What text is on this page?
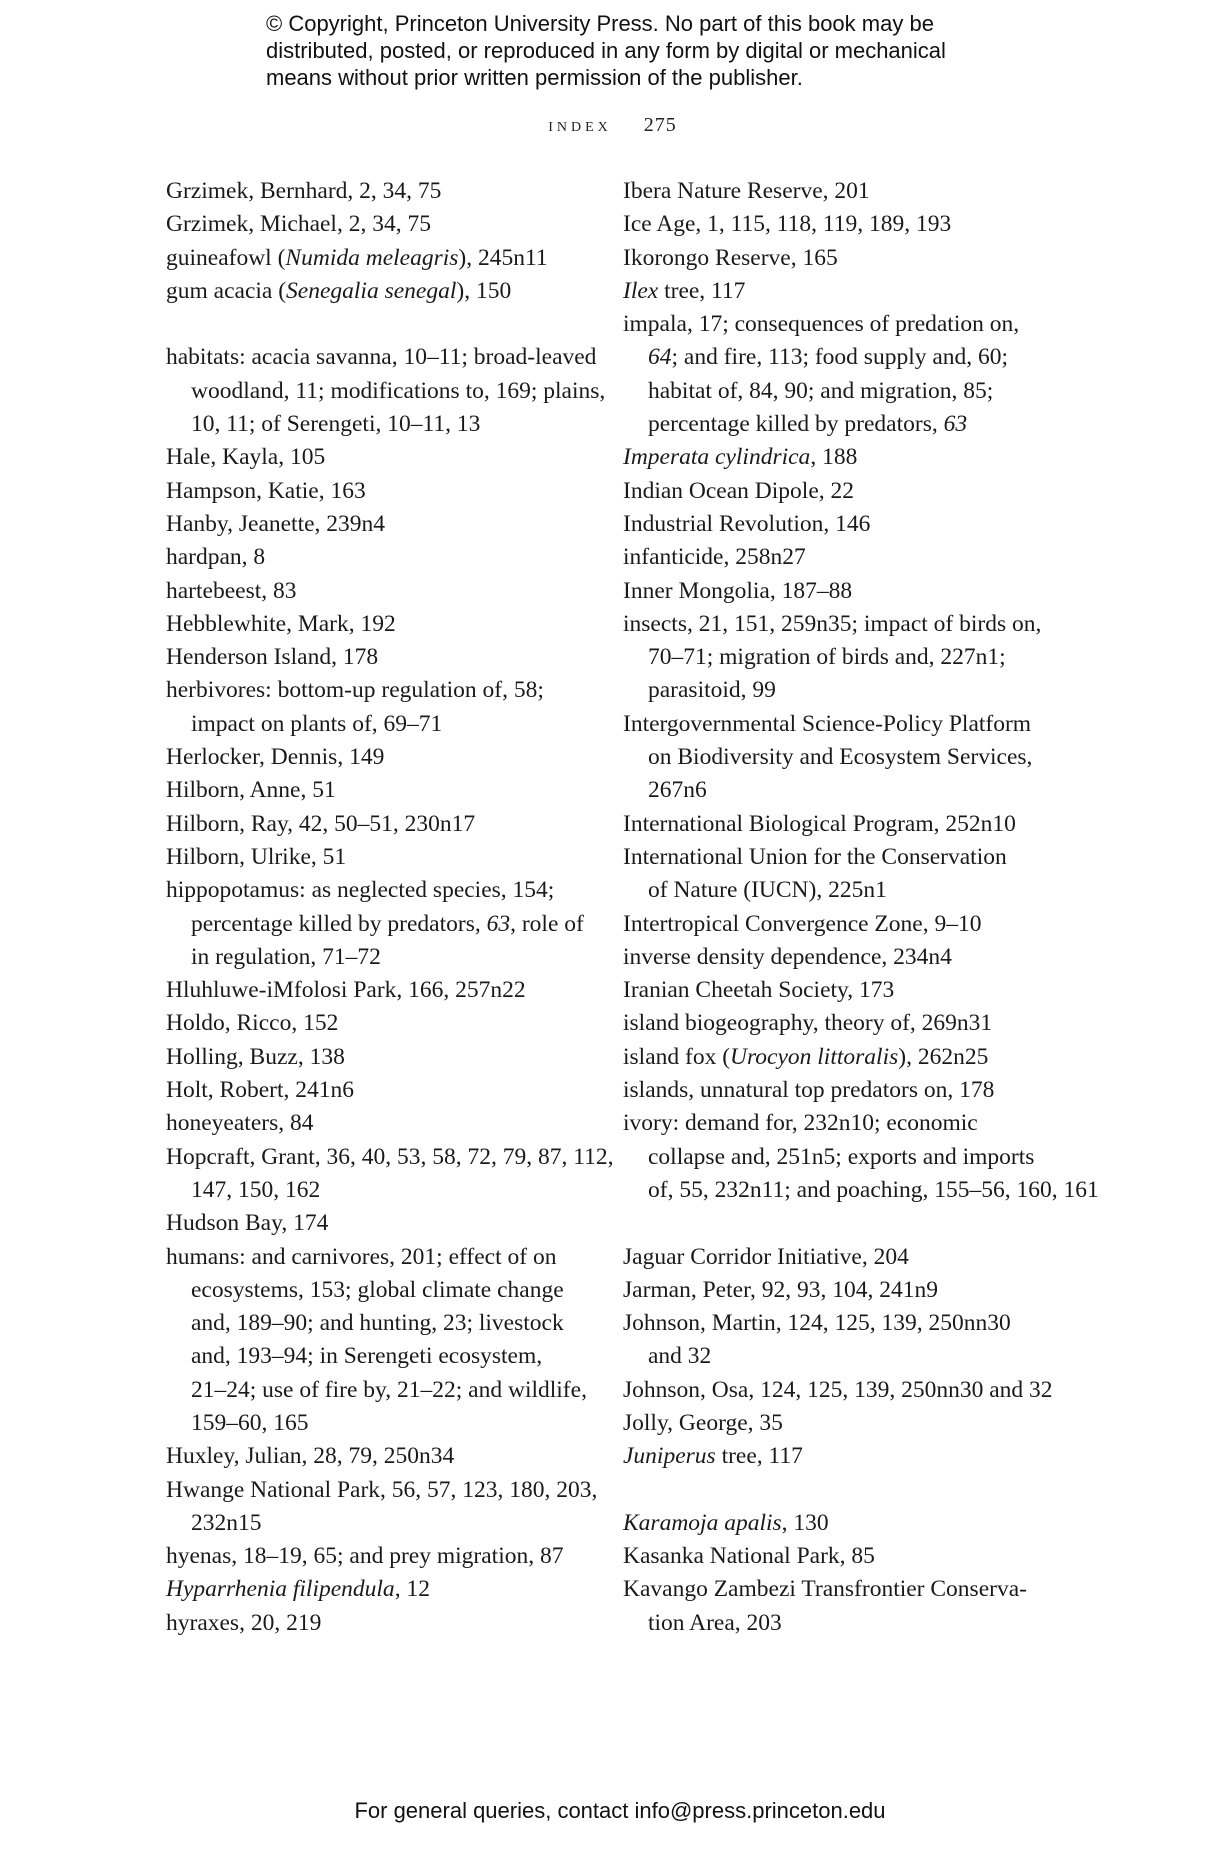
© Copyright, Princeton University Press. No part of this book may be
distributed, posted, or reproduced in any form by digital or mechanical
means without prior written permission of the publisher.
index 275
Grzimek, Bernhard, 2, 34, 75
Grzimek, Michael, 2, 34, 75
guineafowl (Numida meleagris), 245n11
gum acacia (Senegalia senegal), 150
habitats: acacia savanna, 10–11; broad-leaved
woodland, 11; modifications to, 169; plains,
10, 11; of Serengeti, 10–11, 13
Hale, Kayla, 105
Hampson, Katie, 163
Hanby, Jeanette, 239n4
hardpan, 8
hartebeest, 83
Hebblewhite, Mark, 192
Henderson Island, 178
herbivores: bottom-up regulation of, 58;
impact on plants of, 69–71
Herlocker, Dennis, 149
Hilborn, Anne, 51
Hilborn, Ray, 42, 50–51, 230n17
Hilborn, Ulrike, 51
hippopotamus: as neglected species, 154;
percentage killed by predators, 63, role of
in regulation, 71–72
Hluhluwe-iMfolosi Park, 166, 257n22
Holdo, Ricco, 152
Holling, Buzz, 138
Holt, Robert, 241n6
honeyeaters, 84
Hopcraft, Grant, 36, 40, 53, 58, 72, 79, 87, 112,
147, 150, 162
Hudson Bay, 174
humans: and carnivores, 201; effect of on
ecosystems, 153; global climate change
and, 189–90; and hunting, 23; livestock
and, 193–94; in Serengeti ecosystem,
21–24; use of fire by, 21–22; and wildlife,
159–60, 165
Huxley, Julian, 28, 79, 250n34
Hwange National Park, 56, 57, 123, 180, 203,
232n15
hyenas, 18–19, 65; and prey migration, 87
Hyparrhenia filipendula, 12
hyraxes, 20, 219
Ibera Nature Reserve, 201
Ice Age, 1, 115, 118, 119, 189, 193
Ikorongo Reserve, 165
Ilex tree, 117
impala, 17; consequences of predation on,
64; and fire, 113; food supply and, 60;
habitat of, 84, 90; and migration, 85;
percentage killed by predators, 63
Imperata cylindrica, 188
Indian Ocean Dipole, 22
Industrial Revolution, 146
infanticide, 258n27
Inner Mongolia, 187–88
insects, 21, 151, 259n35; impact of birds on,
70–71; migration of birds and, 227n1;
parasitoid, 99
Intergovernmental Science-Policy Platform
on Biodiversity and Ecosystem Services,
267n6
International Biological Program, 252n10
International Union for the Conservation
of Nature (IUCN), 225n1
Intertropical Convergence Zone, 9–10
inverse density dependence, 234n4
Iranian Cheetah Society, 173
island biogeography, theory of, 269n31
island fox (Urocyon littoralis), 262n25
islands, unnatural top predators on, 178
ivory: demand for, 232n10; economic
collapse and, 251n5; exports and imports
of, 55, 232n11; and poaching, 155–56, 160, 161
Jaguar Corridor Initiative, 204
Jarman, Peter, 92, 93, 104, 241n9
Johnson, Martin, 124, 125, 139, 250nn30
and 32
Johnson, Osa, 124, 125, 139, 250nn30 and 32
Jolly, George, 35
Juniperus tree, 117
Karamoja apalis, 130
Kasanka National Park, 85
Kavango Zambezi Transfrontier Conserva-
tion Area, 203
For general queries, contact info@press.princeton.edu
